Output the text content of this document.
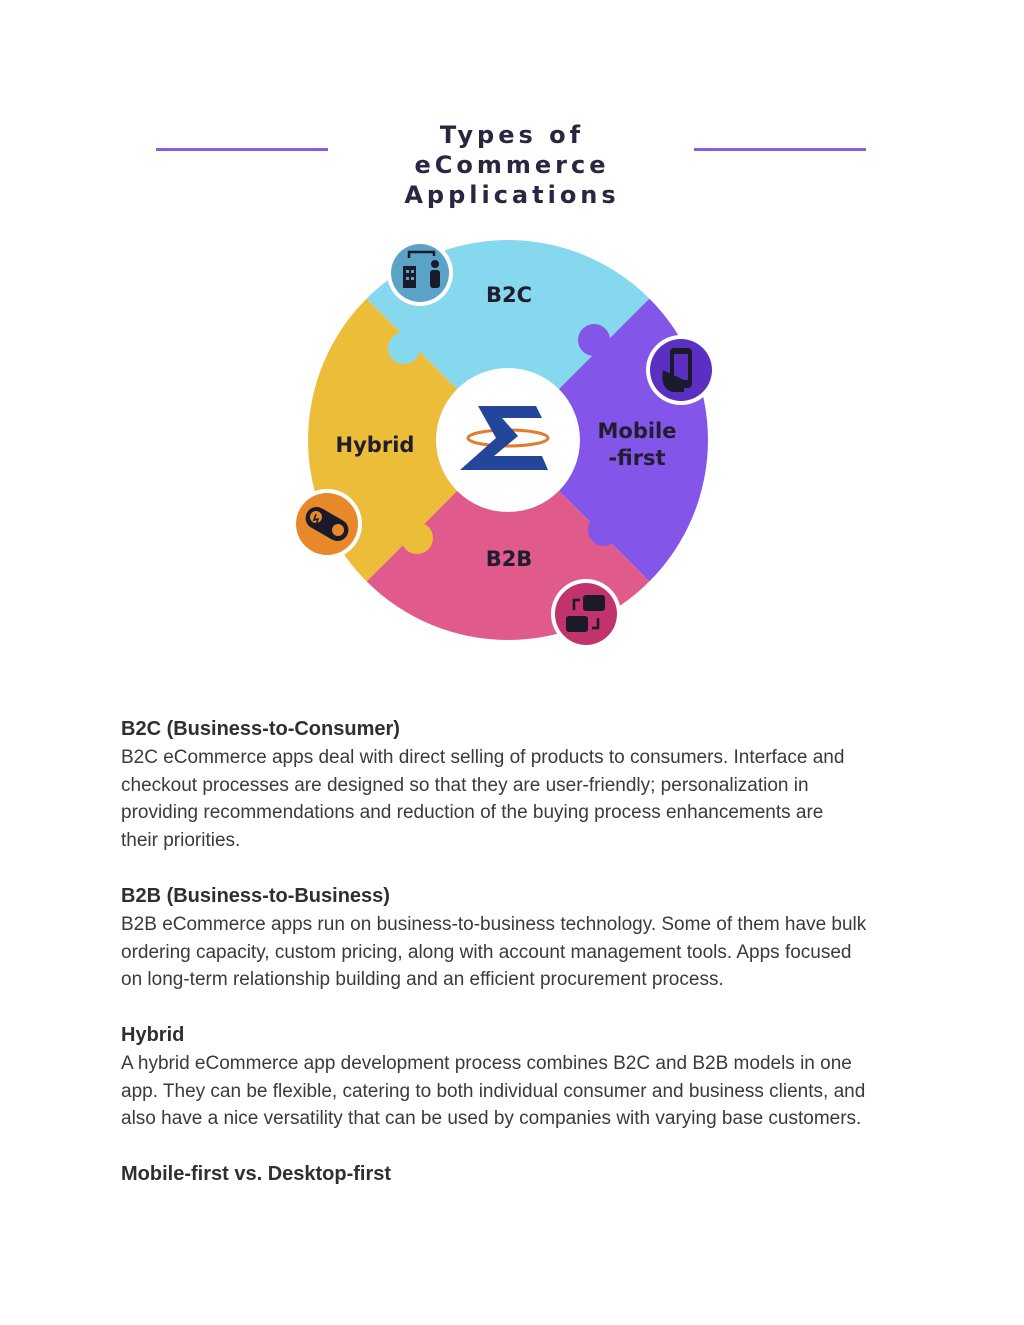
Types of eCommerce
Applications
B2C
Mobile
-first
Hybrid
B2B
B2C (Business-to-Consumer)

B2C eCommerce apps deal with direct selling of products to consumers. Interface and
checkout processes are designed so that they are user-friendly; personalization in
providing recommendations and reduction of the buying process enhancements are
their priorities.

B2B (Business-to-Business)

B2B eCommerce apps run on business-to-business technology. Some of them have bulk
ordering capacity, custom pricing, along with account management tools. Apps focused
on long-term relationship building and an efficient procurement process.

Hybrid

A hybrid eCommerce app development process combines B2C and B2B models in one
app. They can be flexible, catering to both individual consumer and business clients, and
also have a nice versatility that can be used by companies with varying base customers.

Mobile-first vs. Desktop-first
